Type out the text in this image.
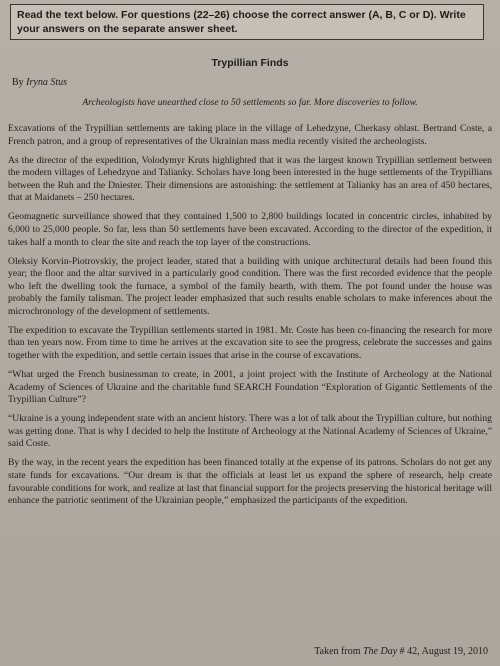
Read the text below. For questions (22–26) choose the correct answer (A, B, C or D). Write your answers on the separate answer sheet.
Trypillian Finds
By Iryna Stus
Archeologists have unearthed close to 50 settlements so far. More discoveries to follow.

Excavations of the Trypillian settlements are taking place in the village of Lehedzyne, Cherkasy oblast. Bertrand Coste, a French patron, and a group of representatives of the Ukrainian mass media recently visited the archeologists.

As the director of the expedition, Volodymyr Kruts highlighted that it was the largest known Trypillian settlement between the modern villages of Lehedzyne and Talianky. Scholars have long been interested in the huge settlements of the Trypillians between the Ruh and the Dniester. Their dimensions are astonishing: the settlement at Talianky has an area of 450 hectares, that at Maidanets – 250 hectares.

Geomagnetic surveillance showed that they contained 1,500 to 2,800 buildings located in concentric circles, inhabited by 6,000 to 25,000 people. So far, less than 50 settlements have been excavated. According to the director of the expedition, it takes half a month to clear the site and reach the top layer of the constructions.

Oleksiy Korvin-Piotrovskiy, the project leader, stated that a building with unique architectural details had been found this year; the floor and the altar survived in a particularly good condition. There was the first recorded evidence that the people who left the dwelling took the furnace, a symbol of the family hearth, with them. The pot found under the house was probably the family talisman. The project leader emphasized that such results enable scholars to make inferences about the microchronology of the development of settlements.

The expedition to excavate the Trypillian settlements started in 1981. Mr. Coste has been co-financing the research for more than ten years now. From time to time he arrives at the excavation site to see the progress, celebrate the successes and gains together with the expedition, and settle certain issues that arise in the course of excavations.

“What urged the French businessman to create, in 2001, a joint project with the Institute of Archeology at the National Academy of Sciences of Ukraine and the charitable fund SEARCH Foundation “Exploration of Gigantic Settlements of the Trypillian Culture”?

“Ukraine is a young independent state with an ancient history. There was a lot of talk about the Trypillian culture, but nothing was getting done. That is why I decided to help the Institute of Archeology at the National Academy of Sciences of Ukraine,” said Coste.

By the way, in the recent years the expedition has been financed totally at the expense of its patrons. Scholars do not get any state funds for excavations. “Our dream is that the officials at least let us expand the sphere of research, help create favourable conditions for work, and realize at last that financial support for the projects preserving the historical heritage will enhance the patriotic sentiment of the Ukrainian people,” emphasized the participants of the expedition.

Taken from The Day # 42, August 19, 2010
